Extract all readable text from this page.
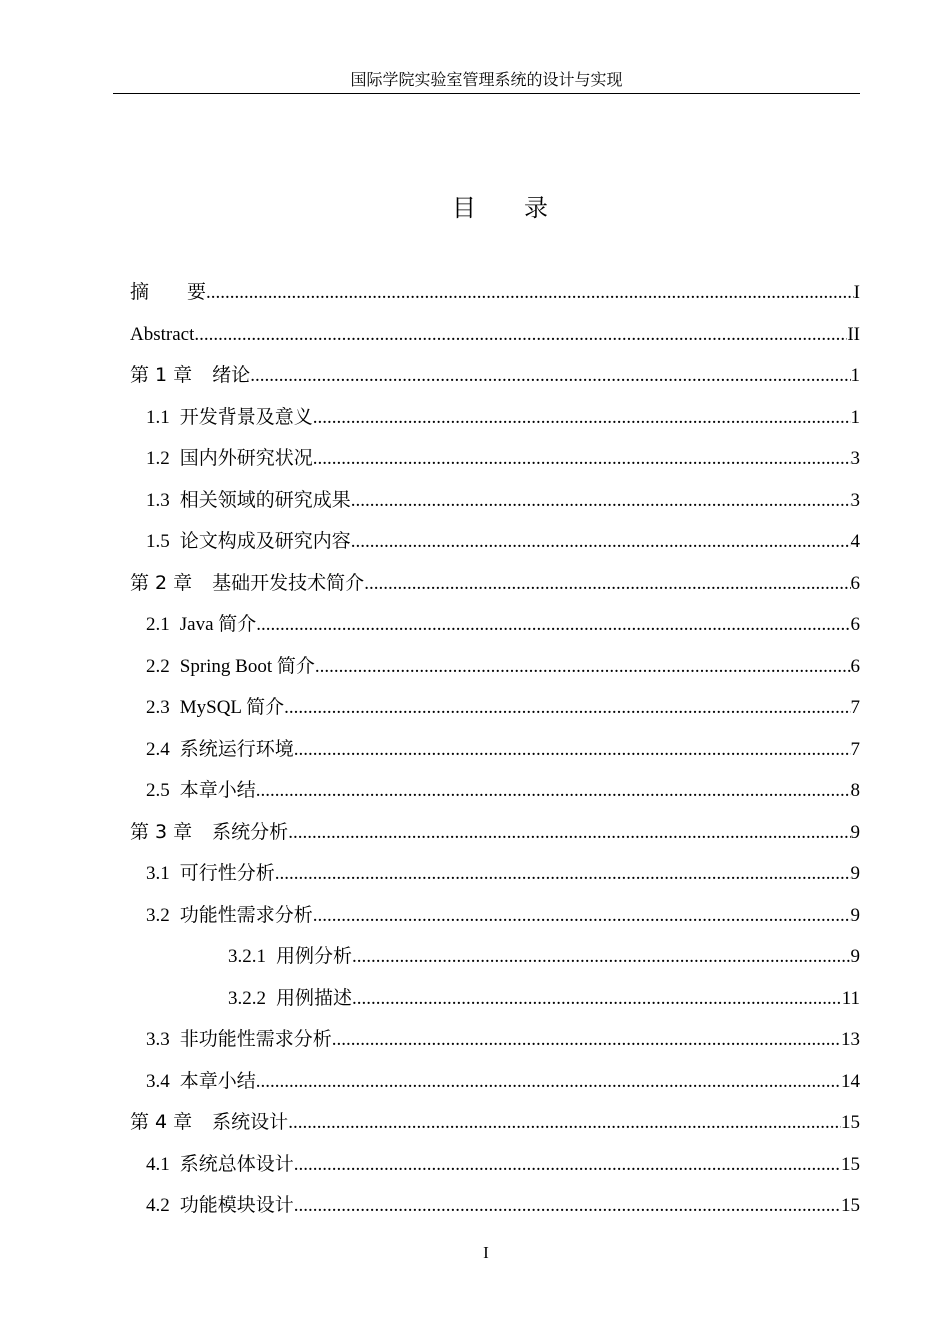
国际学院实验室管理系统的设计与实现
目　　录
摘　　要 .....	I
Abstract .....	II
第 1 章 绪论 .....	1
1.1 开发背景及意义 .....	1
1.2 国内外研究状况 .....	3
1.3 相关领域的研究成果 .....	3
1.5 论文构成及研究内容 .....	4
第 2 章 基础开发技术简介 .....	6
2.1 Java 简介 .....	6
2.2 Spring Boot 简介 .....	6
2.3 MySQL 简介 .....	7
2.4 系统运行环境 .....	7
2.5 本章小结 .....	8
第 3 章 系统分析 .....	9
3.1 可行性分析 .....	9
3.2 功能性需求分析 .....	9
3.2.1 用例分析 .....	9
3.2.2 用例描述 .....	11
3.3 非功能性需求分析 .....	13
3.4 本章小结 .....	14
第 4 章 系统设计 .....	15
4.1 系统总体设计 .....	15
4.2 功能模块设计 .....	15
I
